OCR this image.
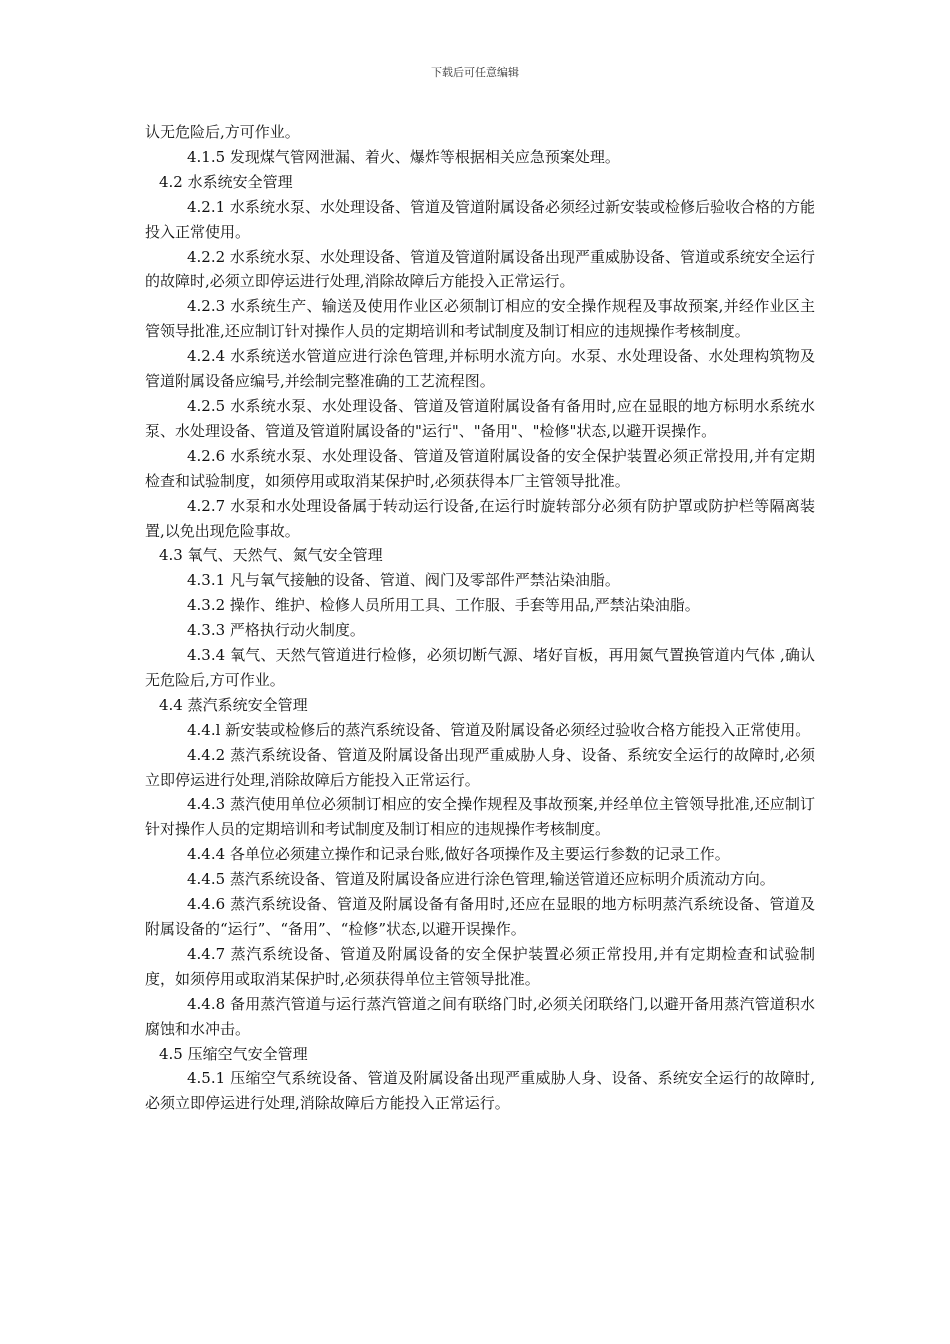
下载后可任意编辑

认无危险后,方可作业。

4.1.5 发现煤气管网泄漏、着火、爆炸等根据相关应急预案处理。

4.2 水系统安全管理

4.2.1 水系统水泵、水处理设备、管道及管道附属设备必须经过新安装或检修后验收合格的方能投入正常使用。

4.2.2 水系统水泵、水处理设备、管道及管道附属设备出现严重威胁设备、管道或系统安全运行的故障时,必须立即停运进行处理,消除故障后方能投入正常运行。

4.2.3 水系统生产、输送及使用作业区必须制订相应的安全操作规程及事故预案,并经作业区主管领导批准,还应制订针对操作人员的定期培训和考试制度及制订相应的违规操作考核制度。

4.2.4 水系统送水管道应进行涂色管理,并标明水流方向。水泵、水处理设备、水处理构筑物及管道附属设备应编号,并绘制完整准确的工艺流程图。

4.2.5 水系统水泵、水处理设备、管道及管道附属设备有备用时,应在显眼的地方标明水系统水泵、水处理设备、管道及管道附属设备的"运行"、"备用"、"检修"状态,以避开误操作。

4.2.6 水系统水泵、水处理设备、管道及管道附属设备的安全保护装置必须正常投用,并有定期检查和试验制度，如须停用或取消某保护时,必须获得本厂主管领导批准。

4.2.7 水泵和水处理设备属于转动运行设备,在运行时旋转部分必须有防护罩或防护栏等隔离装置,以免出现危险事故。

4.3 氧气、天然气、氮气安全管理

4.3.1 凡与氧气接触的设备、管道、阀门及零部件严禁沾染油脂。

4.3.2 操作、维护、检修人员所用工具、工作服、手套等用品,严禁沾染油脂。

4.3.3 严格执行动火制度。

4.3.4 氧气、天然气管道进行检修，必须切断气源、堵好盲板，再用氮气置换管道内气体 ,确认无危险后,方可作业。

4.4 蒸汽系统安全管理

4.4.l 新安装或检修后的蒸汽系统设备、管道及附属设备必须经过验收合格方能投入正常使用。

4.4.2 蒸汽系统设备、管道及附属设备出现严重威胁人身、设备、系统安全运行的故障时,必须立即停运进行处理,消除故障后方能投入正常运行。

4.4.3 蒸汽使用单位必须制订相应的安全操作规程及事故预案,并经单位主管领导批准,还应制订针对操作人员的定期培训和考试制度及制订相应的违规操作考核制度。

4.4.4 各单位必须建立操作和记录台账,做好各项操作及主要运行参数的记录工作。

4.4.5 蒸汽系统设备、管道及附属设备应进行涂色管理,输送管道还应标明介质流动方向。

4.4.6 蒸汽系统设备、管道及附属设备有备用时,还应在显眼的地方标明蒸汽系统设备、管道及附属设备的“运行”、“备用”、“检修”状态,以避开误操作。

4.4.7 蒸汽系统设备、管道及附属设备的安全保护装置必须正常投用,并有定期检查和试验制度，如须停用或取消某保护时,必须获得单位主管领导批准。

4.4.8 备用蒸汽管道与运行蒸汽管道之间有联络门时,必须关闭联络门,以避开备用蒸汽管道积水腐蚀和水冲击。

4.5 压缩空气安全管理

4.5.1 压缩空气系统设备、管道及附属设备出现严重威胁人身、设备、系统安全运行的故障时,必须立即停运进行处理,消除故障后方能投入正常运行。
